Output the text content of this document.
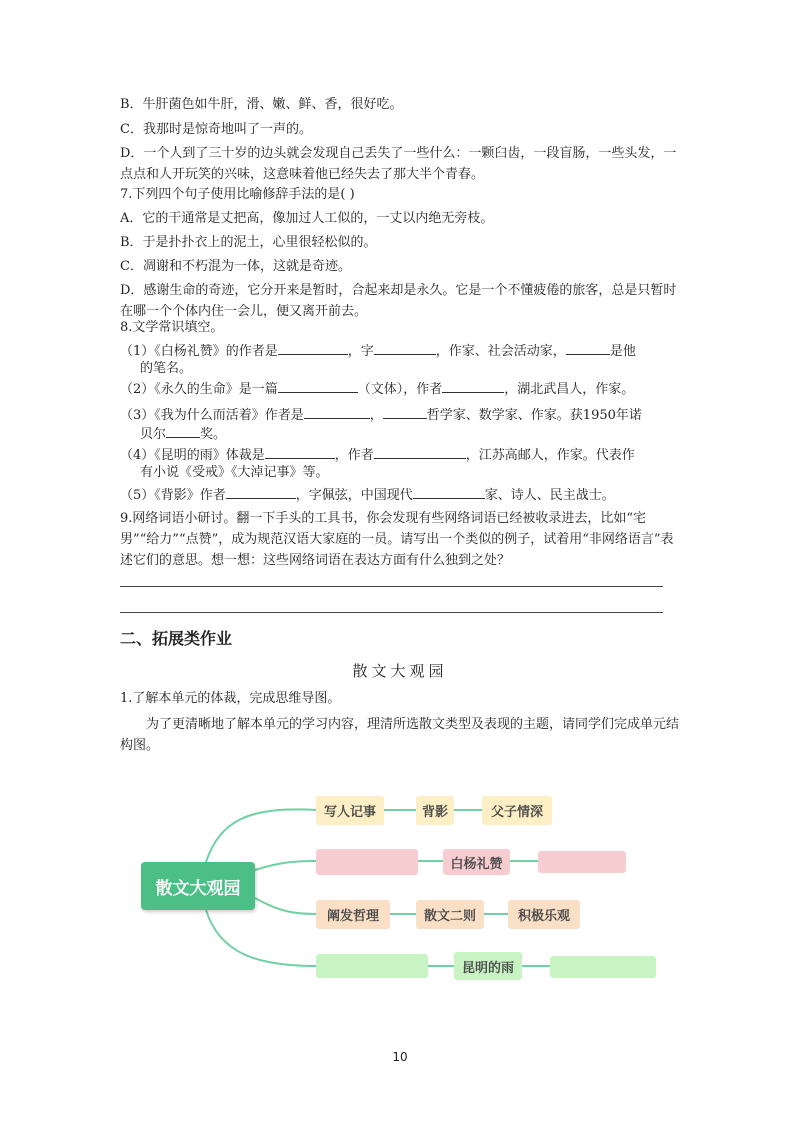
B．牛肝菌色如牛肝，滑、嫩、鲜、香，很好吃。
C．我那时是惊奇地叫了一声的。
D．一个人到了三十岁的边头就会发现自己丢失了一些什么：一颗臼齿，一段盲肠，一些头发，一点点和人开玩笑的兴味，这意味着他已经失去了那大半个青春。
7.下列四个句子使用比喻修辞手法的是( )
A．它的干通常是丈把高，像加过人工似的，一丈以内绝无旁枝。
B．于是扑扑衣上的泥土，心里很轻松似的。
C．凋谢和不朽混为一体，这就是奇迹。
D．感谢生命的奇迹，它分开来是暂时，合起来却是永久。它是一个不懂疲倦的旅客，总是只暂时在哪一个个体内住一会儿，便又离开前去。
8.文学常识填空。
（1）《白杨礼赞》的作者是	，字	，作家、社会活动家，	是他
的笔名。
（2）《永久的生命》是一篇	（文体），作者	，湖北武昌人，作家。
（3）《我为什么而活着》作者是	，	哲学家、数学家、作家。获1950年诺
贝尔	奖。
（4）《昆明的雨》体裁是	，作者	，江苏高邮人，作家。代表作
有小说《受戒》《大淖记事》等。
（5）《背影》作者	，字佩弦，中国现代	家、诗人、民主战士。
9.网络词语小研讨。翻一下手头的工具书，你会发现有些网络词语已经被收录进去，比如“宅男”“给力”“点赞”，成为规范汉语大家庭的一员。请写出一个类似的例子，试着用“非网络语言”表述它们的意思。想一想：这些网络词语在表达方面有什么独到之处？
二、拓展类作业
散文大观园
1.了解本单元的体裁，完成思维导图。
为了更清晰地了解本单元的学习内容，理清所选散文类型及表现的主题，请同学们完成单元结构图。
散文大观园
写人记事	背影	父子情深
白杨礼赞
阐发哲理	散文二则	积极乐观
昆明的雨
10
